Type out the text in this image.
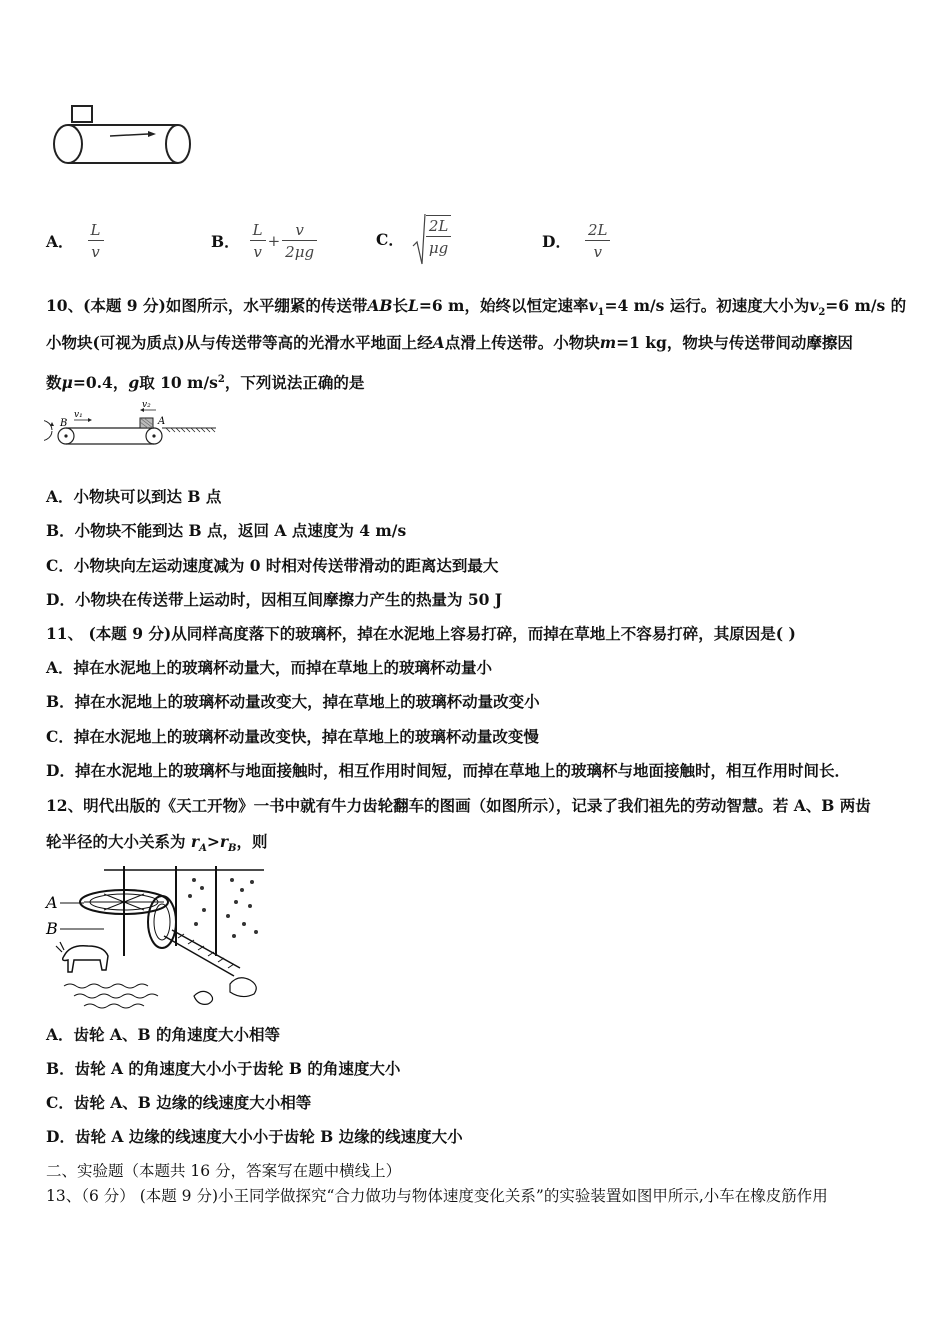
A． $\frac{L}{v}$	B． $\frac{L}{v} + \frac{v}{2\mu g}$	C． $\frac{2L}{\mu g}$	D． $\frac{2L}{v}$
10、(本题 9 分)如图所示，水平绷紧的传送带AB长L=6 m，始终以恒定速率$v_1=4$ m/s 运行。初速度大小为$v_2=6$ m/s 的
小物块(可视为质点)从与传送带等高的光滑水平地面上经A点滑上传送带。小物块m=1 kg，物块与传送带间动摩擦因
数μ=0.4，g取 10 $m/s^2$，下列说法正确的是
B
v₁
v₂
A
A．小物块可以到达 B 点
B．小物块不能到达 B 点，返回 A 点速度为 4 m/s
C．小物块向左运动速度减为 0 时相对传送带滑动的距离达到最大
D．小物块在传送带上运动时，因相互间摩擦力产生的热量为 50 J
11、 (本题 9 分)从同样高度落下的玻璃杯，掉在水泥地上容易打碎，而掉在草地上不容易打碎，其原因是( )
A．掉在水泥地上的玻璃杯动量大，而掉在草地上的玻璃杯动量小
B．掉在水泥地上的玻璃杯动量改变大，掉在草地上的玻璃杯动量改变小
C．掉在水泥地上的玻璃杯动量改变快，掉在草地上的玻璃杯动量改变慢
D．掉在水泥地上的玻璃杯与地面接触时，相互作用时间短，而掉在草地上的玻璃杯与地面接触时，相互作用时间长．
12、明代出版的《天工开物》一书中就有牛力齿轮翻车的图画（如图所示），记录了我们祖先的劳动智慧。若 A、B 两齿
轮半径的大小关系为 $r_A>r_B$，则
A
B
A．齿轮 A、B 的角速度大小相等
B．齿轮 A 的角速度大小小于齿轮 B 的角速度大小
C．齿轮 A、B 边缘的线速度大小相等
D．齿轮 A 边缘的线速度大小小于齿轮 B 边缘的线速度大小
二、实验题（本题共 16 分，答案写在题中横线上）
13、（6 分） (本题 9 分)小王同学做探究“合力做功与物体速度变化关系”的实验装置如图甲所示,小车在橡皮筋作用
